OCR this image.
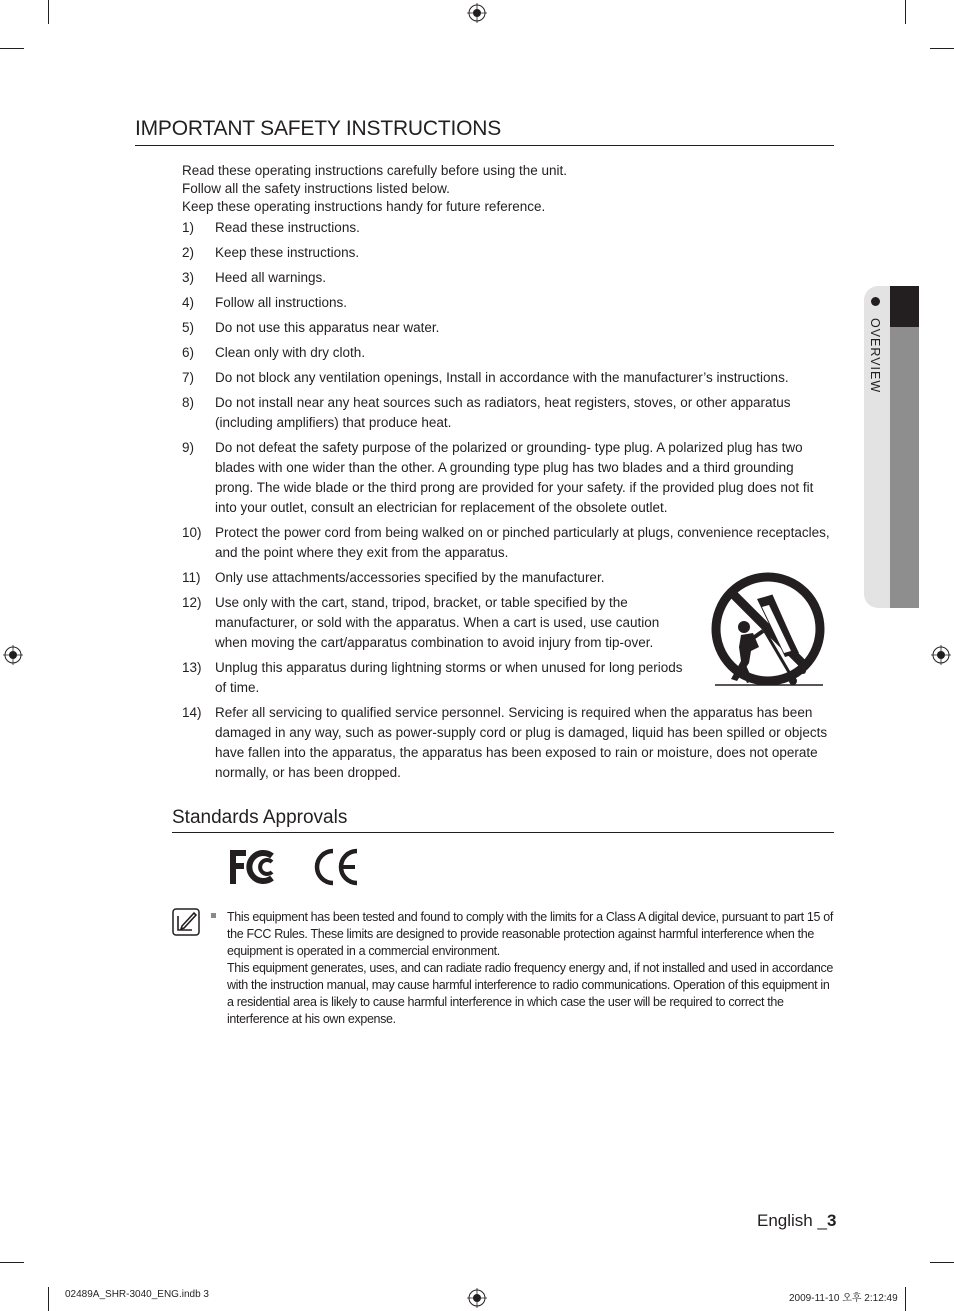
OVERVIEW
IMPORTANT SAFETY INSTRUCTIONS
Read these operating instructions carefully before using the unit.
Follow all the safety instructions listed below.
Keep these operating instructions handy for future reference.
1)	Read these instructions.
2)	Keep these instructions.
3)	Heed all warnings.
4)	Follow all instructions.
5)	Do not use this apparatus near water.
6)	Clean only with dry cloth.
7)	Do not block any ventilation openings, Install in accordance with the manufacturer’s instructions.
8)	Do not install near any heat sources such as radiators, heat registers, stoves, or other apparatus (including amplifiers) that produce heat.
9)	Do not defeat the safety purpose of the polarized or grounding- type plug. A polarized plug has two blades with one wider than the other. A grounding type plug has two blades and a third grounding prong. The wide blade or the third prong are provided for your safety. if the provided plug does not fit into your outlet, consult an electrician for replacement of the obsolete outlet.
10) Protect the power cord from being walked on or pinched particularly at plugs, convenience receptacles, and the point where they exit from the apparatus.
11)	Only use attachments/accessories specified by the manufacturer.
12) Use only with the cart, stand, tripod, bracket, or table specified by the manufacturer, or sold with the apparatus. When a cart is used, use caution when moving the cart/apparatus combination to avoid injury from tip-over.
13) Unplug this apparatus during lightning storms or when unused for long periods of time.
14) Refer all servicing to qualified service personnel. Servicing is required when the apparatus has been damaged in any way, such as power-supply cord or plug is damaged, liquid has been spilled or objects have fallen into the apparatus, the apparatus has been exposed to rain or moisture, does not operate normally, or has been dropped.
Standards Approvals
This equipment has been tested and found to comply with the limits for a Class A digital device, pursuant to part 15 of the FCC Rules. These limits are designed to provide reasonable protection against harmful interference when the equipment is operated in a commercial environment.
This equipment generates, uses, and can radiate radio frequency energy and, if not installed and used in accordance with the instruction manual, may cause harmful interference to radio communications. Operation of this equipment in a residential area is likely to cause harmful interference in which case the user will be required to correct the interference at his own expense.
English _3
02489A_SHR-3040_ENG.indb 3	2009-11-10 오후 2:12:49
